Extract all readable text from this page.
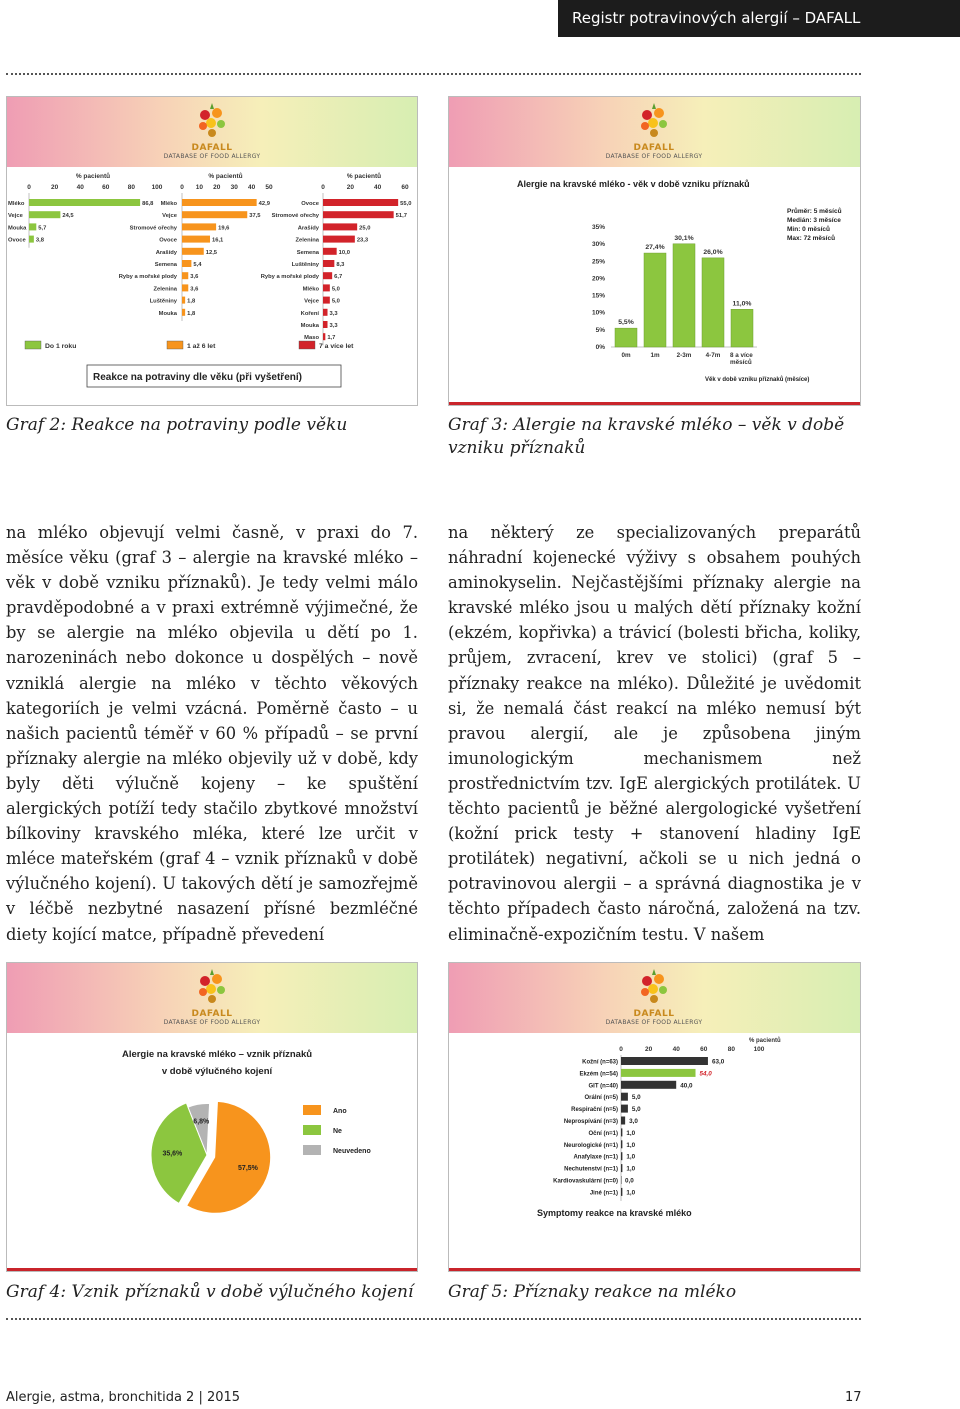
Registr potravinových alergií – DAFALL
DAFALL
DATABASE OF FOOD ALLERGY
% pacientů
0	20	40	60	80	100
Mléko	86,8
Vejce	24,5
Mouka 5,7
Ovoce 3,8
% pacientů
0 10 20 30 40 50
Mléko	42,9
Vejce	37,5
Stromové ořechy	19,6
Ovoce	16,1
Arašídy	12,5
Semena	5,4
Ryby a mořské plody 3,6
Zelenina 3,6
Luštěniny 1,8
Mouka 1,8
% pacientů
0	20	40	60
Ovoce	55,0
Stromové ořechy	51,7
Arašídy	25,0
Zelenina	23,3
Semena	10,0
Luštěniny	8,3
Ryby a mořské plody	6,7
Mléko 5,0
Vejce 5,0
Koření 3,3
Mouka 3,3
Maso 1,7
Do 1 roku	1 až 6 let	7 a více let
Reakce na potraviny dle věku (při vyšetření)
Graf 2: Reakce na potraviny podle věku
DAFALL
DATABASE OF FOOD ALLERGY
Alergie na kravské mléko - věk v době vzniku příznaků
0%
5%
10%
15%
20%
25%
30%
35%
5,5%
27,4%
30,1%
26,0%
11,0%
0m	1m	2-3m 4-7m 8 a více
měsíců
Průměr: 5 měsíců
Medián: 3 měsíce
Min: 0 měsíců
Max: 72 měsíců
Věk v době vzniku příznaků (měsíce)
Graf 3: Alergie na kravské mléko – věk v době vzniku příznaků

na mléko objevují velmi časně, v praxi do 7. měsíce věku (graf 3 – alergie na kravské mléko – věk v době vzniku příznaků). Je tedy velmi málo pravděpodobné a v praxi extrémně výjimečné, že by se alergie na mléko objevila u dětí po 1. narozeninách nebo dokonce u dospělých – nově vzniklá alergie na mléko v těchto věkových kategoriích je velmi vzácná. Poměrně často – u našich pacientů téměř v 60 % případů – se první příznaky alergie na mléko objevily už v době, kdy byly děti výlučně kojeny – ke spuštění alergických potíží tedy stačilo zbytkové množství bílkoviny kravského mléka, které lze určit v mléce mateřském (graf 4 – vznik příznaků v době výlučného kojení). U takových dětí je samozřejmě v léčbě nezbytné nasazení přísné bezmléčné diety kojící matce, případně převedení

na některý ze specializovaných preparátů náhradní kojenecké výživy s obsahem pouhých aminokyselin. Nejčastějšími příznaky alergie na kravské mléko jsou u malých dětí příznaky kožní (ekzém, kopřivka) a trávicí (bolesti břicha, koliky, průjem, zvracení, krev ve stolici) (graf 5 – příznaky reakce na mléko). Důležité je uvědomit si, že nemalá část reakcí na mléko nemusí být pravou alergií, ale je způsobena jiným imunologickým mechanismem než prostřednictvím tzv. IgE alergických protilátek. U těchto pacientů je běžné alergologické vyšetření (kožní prick testy + stanovení hladiny IgE protilátek) negativní, ačkoli se u nich jedná o potravinovou alergii – a správná diagnostika je v těchto případech často náročná, založená na tzv. eliminačně-expozičním testu. V našem

DAFALL
DATABASE OF FOOD ALLERGY
Alergie na kravské mléko – vznik příznaků
v době výlučného kojení
57,5%
35,6%
6,8%
Ano
Ne
Neuvedeno
Graf 4: Vznik příznaků v době výlučného kojení
DAFALL
DATABASE OF FOOD ALLERGY
% pacientů
0	20	40	60	80	100
Kožní (n=63)	63,0
Ekzém (n=54)	54,0
GIT (n=40)	40,0
Orální (n=5) 5,0
Respirační (n=5) 5,0
Neprospívání (n=3) 3,0
Oční (n=1) 1,0
Neurologické (n=1) 1,0
Anafylaxe (n=1) 1,0
Nechutenství (n=1) 1,0
Kardiovaskulární (n=0) 0,0
Jiné (n=1) 1,0
Symptomy reakce na kravské mléko
Graf 5: Příznaky reakce na mléko
Alergie, astma, bronchitida 2 | 2015	17
